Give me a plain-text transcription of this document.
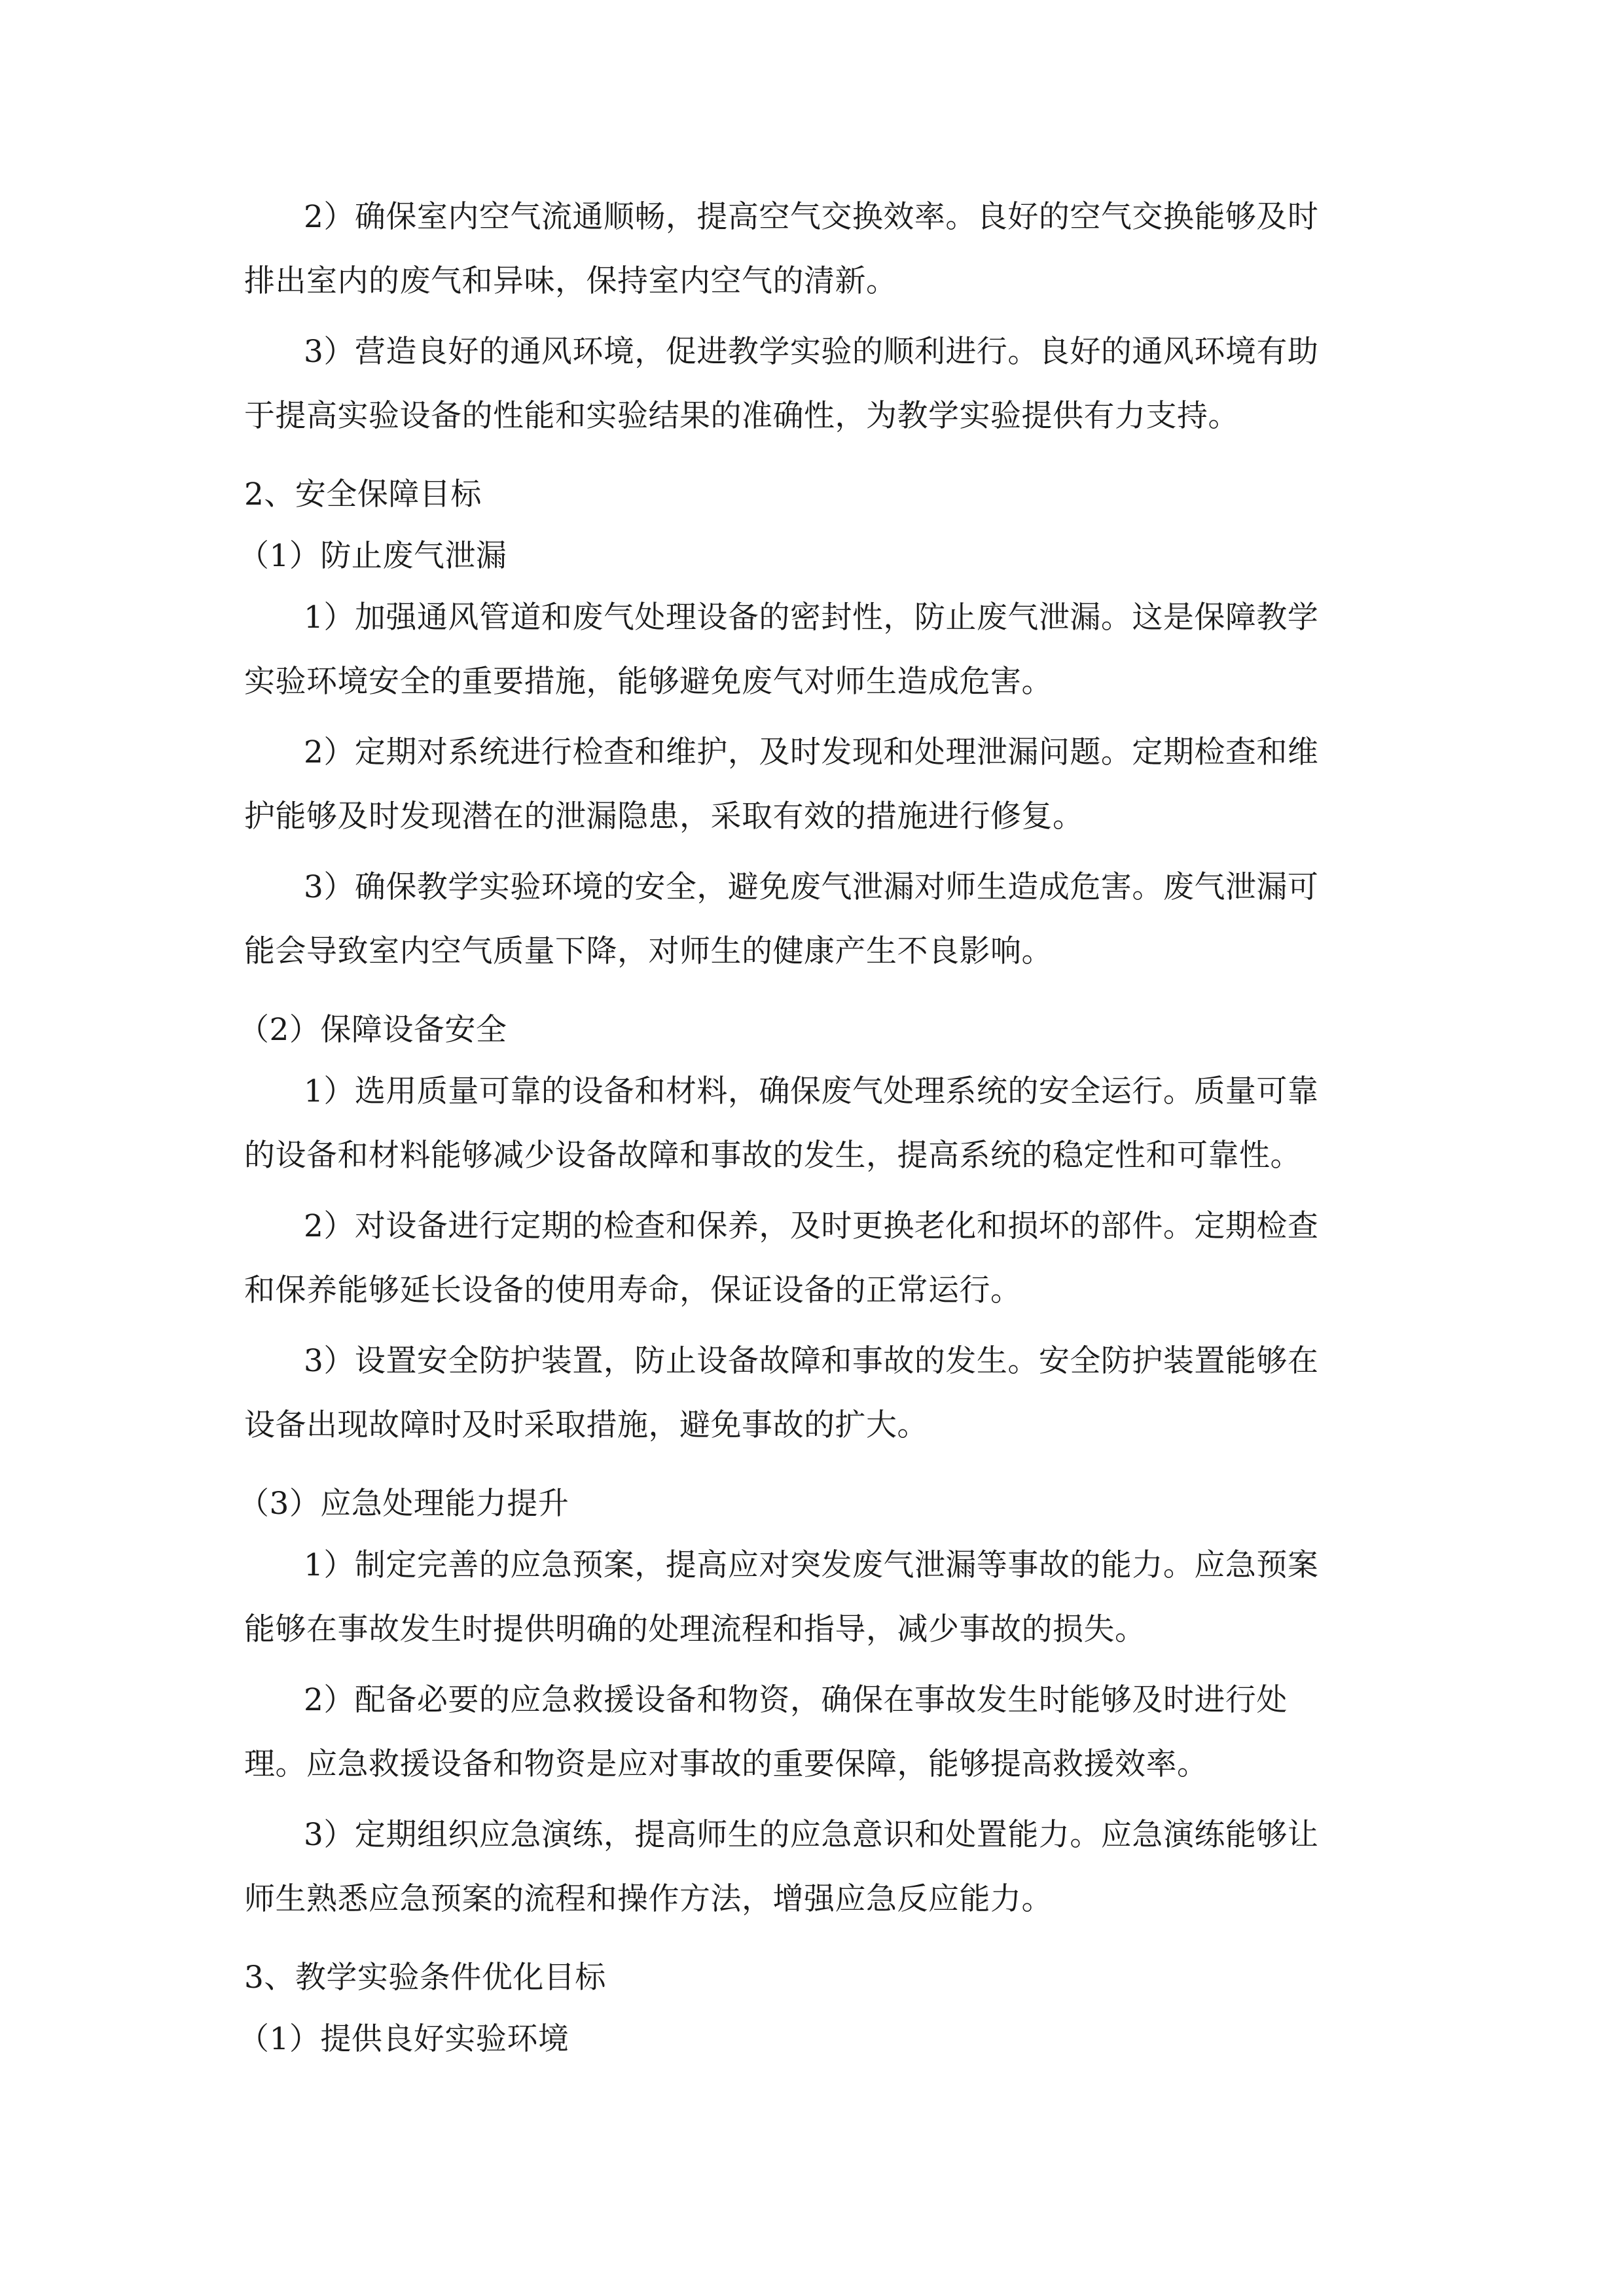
2）确保室内空气流通顺畅，提高空气交换效率。良好的空气交换能够及时
排出室内的废气和异味，保持室内空气的清新。
3）营造良好的通风环境，促进教学实验的顺利进行。良好的通风环境有助
于提高实验设备的性能和实验结果的准确性，为教学实验提供有力支持。
2、安全保障目标
（1）防止废气泄漏
1）加强通风管道和废气处理设备的密封性，防止废气泄漏。这是保障教学
实验环境安全的重要措施，能够避免废气对师生造成危害。
2）定期对系统进行检查和维护，及时发现和处理泄漏问题。定期检查和维
护能够及时发现潜在的泄漏隐患，采取有效的措施进行修复。
3）确保教学实验环境的安全，避免废气泄漏对师生造成危害。废气泄漏可
能会导致室内空气质量下降，对师生的健康产生不良影响。
（2）保障设备安全
1）选用质量可靠的设备和材料，确保废气处理系统的安全运行。质量可靠
的设备和材料能够减少设备故障和事故的发生，提高系统的稳定性和可靠性。
2）对设备进行定期的检查和保养，及时更换老化和损坏的部件。定期检查
和保养能够延长设备的使用寿命，保证设备的正常运行。
3）设置安全防护装置，防止设备故障和事故的发生。安全防护装置能够在
设备出现故障时及时采取措施，避免事故的扩大。
（3）应急处理能力提升
1）制定完善的应急预案，提高应对突发废气泄漏等事故的能力。应急预案
能够在事故发生时提供明确的处理流程和指导，减少事故的损失。
2）配备必要的应急救援设备和物资，确保在事故发生时能够及时进行处
理。应急救援设备和物资是应对事故的重要保障，能够提高救援效率。
3）定期组织应急演练，提高师生的应急意识和处置能力。应急演练能够让
师生熟悉应急预案的流程和操作方法，增强应急反应能力。
3、教学实验条件优化目标
（1）提供良好实验环境
